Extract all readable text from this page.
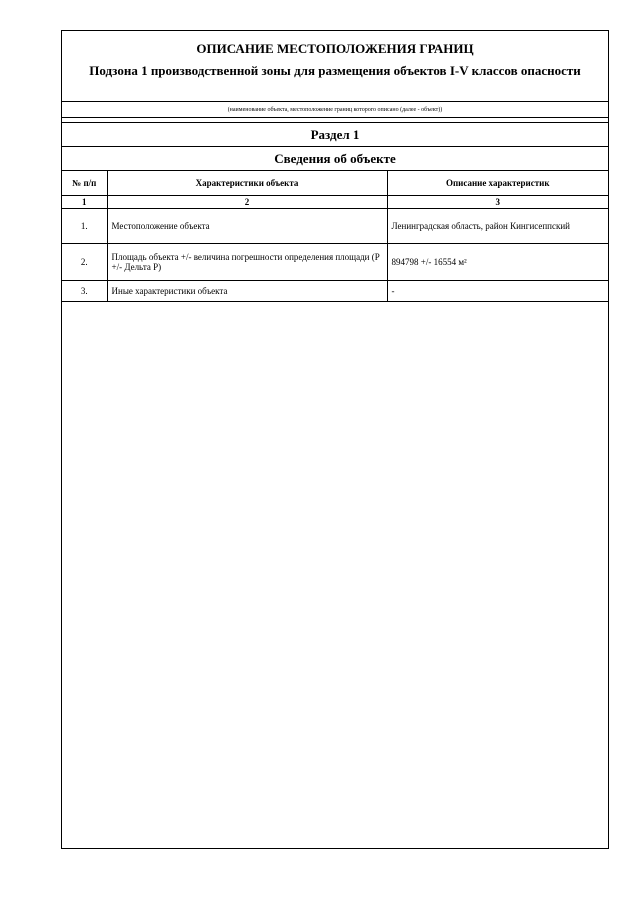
ОПИСАНИЕ МЕСТОПОЛОЖЕНИЯ ГРАНИЦ
Подзона 1 производственной зоны для размещения объектов I-V классов опасности
(наименование объекта, местоположение границ которого описано (далее - объект))
Раздел 1
Сведения об объекте
№ п/п	Характеристики объекта	Описание характеристик
1	2	3
1.	Местоположение объекта	Ленинградская область, район Кингисеппский
2.	Площадь объекта +/- величина погрешности определения площади (P +/- Дельта P)	894798 +/- 16554 м²
3.	Иные характеристики объекта	-
